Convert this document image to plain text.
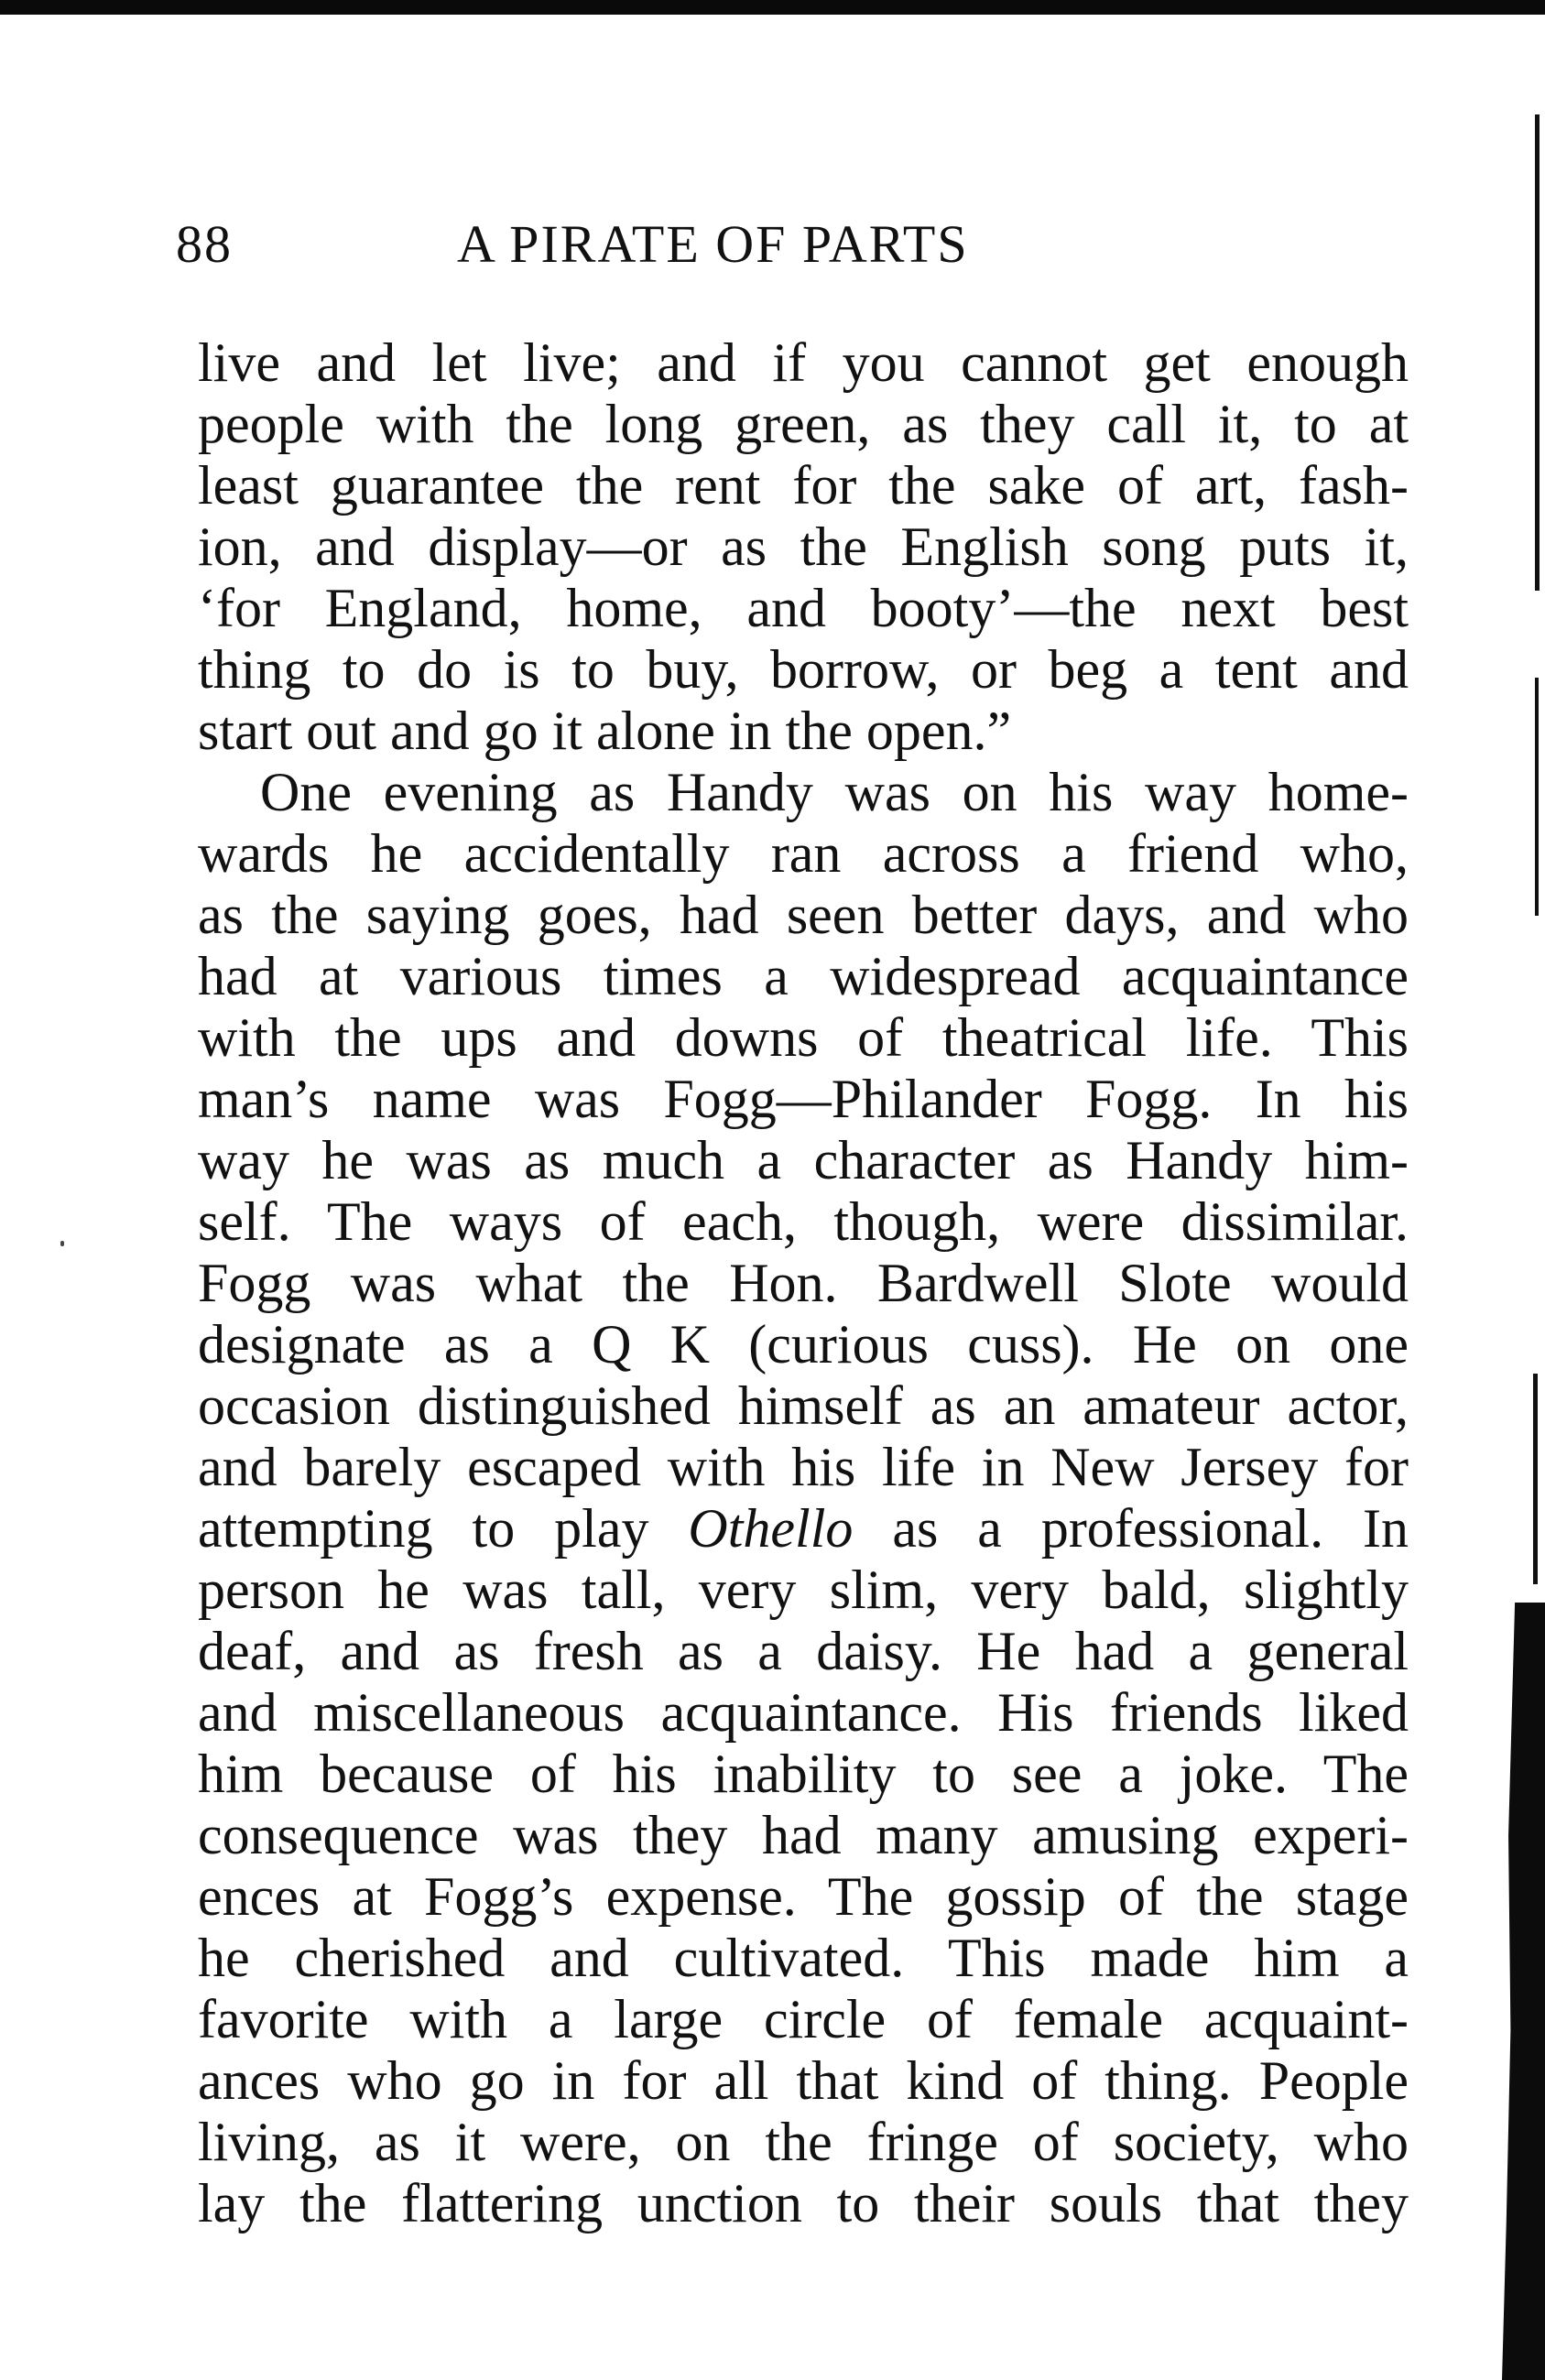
88	A PIRATE OF PARTS
live and let live; and if you cannot get enough
people with the long green, as they call it, to at
least guarantee the rent for the sake of art, fash-
ion, and display—or as the English song puts it,
‘for England, home, and booty’—the next best
thing to do is to buy, borrow, or beg a tent and
start out and go it alone in the open.”
One evening as Handy was on his way home-
wards he accidentally ran across a friend who,
as the saying goes, had seen better days, and who
had at various times a widespread acquaintance
with the ups and downs of theatrical life. This
man’s name was Fogg—Philander Fogg. In his
way he was as much a character as Handy him-
self. The ways of each, though, were dissimilar.
Fogg was what the Hon. Bardwell Slote would
designate as a Q K (curious cuss). He on one
occasion distinguished himself as an amateur actor,
and barely escaped with his life in New Jersey for
attempting to play Othello as a professional. In
person he was tall, very slim, very bald, slightly
deaf, and as fresh as a daisy. He had a general
and miscellaneous acquaintance. His friends liked
him because of his inability to see a joke. The
consequence was they had many amusing experi-
ences at Fogg’s expense. The gossip of the stage
he cherished and cultivated. This made him a
favorite with a large circle of female acquaint-
ances who go in for all that kind of thing. People
living, as it were, on the fringe of society, who
lay the flattering unction to their souls that they
